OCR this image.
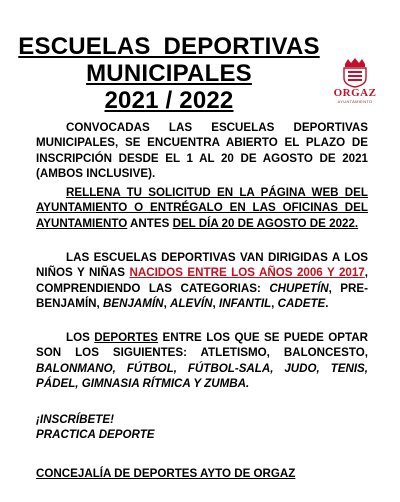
ESCUELAS DEPORTIVAS
MUNICIPALES
2021 / 2022	ORGAZ
AYUNTAMIENTO
CONVOCADAS LAS ESCUELAS DEPORTIVAS MUNICIPALES, SE ENCUENTRA ABIERTO EL PLAZO DE INSCRIPCIÓN DESDE EL 1 AL 20 DE AGOSTO DE 2021 (AMBOS INCLUSIVE).
RELLENA TU SOLICITUD EN LA PÁGINA WEB DEL AYUNTAMIENTO O ENTRÉGALO EN LAS OFICINAS DEL AYUNTAMIENTO ANTES DEL DÍA 20 DE AGOSTO DE 2022.
LAS ESCUELAS DEPORTIVAS VAN DIRIGIDAS A LOS NIÑOS Y NIÑAS NACIDOS ENTRE LOS AÑOS 2006 Y 2017, COMPRENDIENDO LAS CATEGORIAS: CHUPETÍN, PRE-BENJAMÍN, BENJAMÍN, ALEVÍN, INFANTIL, CADETE.
LOS DEPORTES ENTRE LOS QUE SE PUEDE OPTAR SON LOS SIGUIENTES: ATLETISMO, BALONCESTO, BALONMANO, FÚTBOL, FÚTBOL-SALA, JUDO, TENIS, PÁDEL, GIMNASIA RÍTMICA Y ZUMBA.
¡INSCRÍBETE!
PRACTICA DEPORTE
CONCEJALÍA DE DEPORTES AYTO DE ORGAZ
